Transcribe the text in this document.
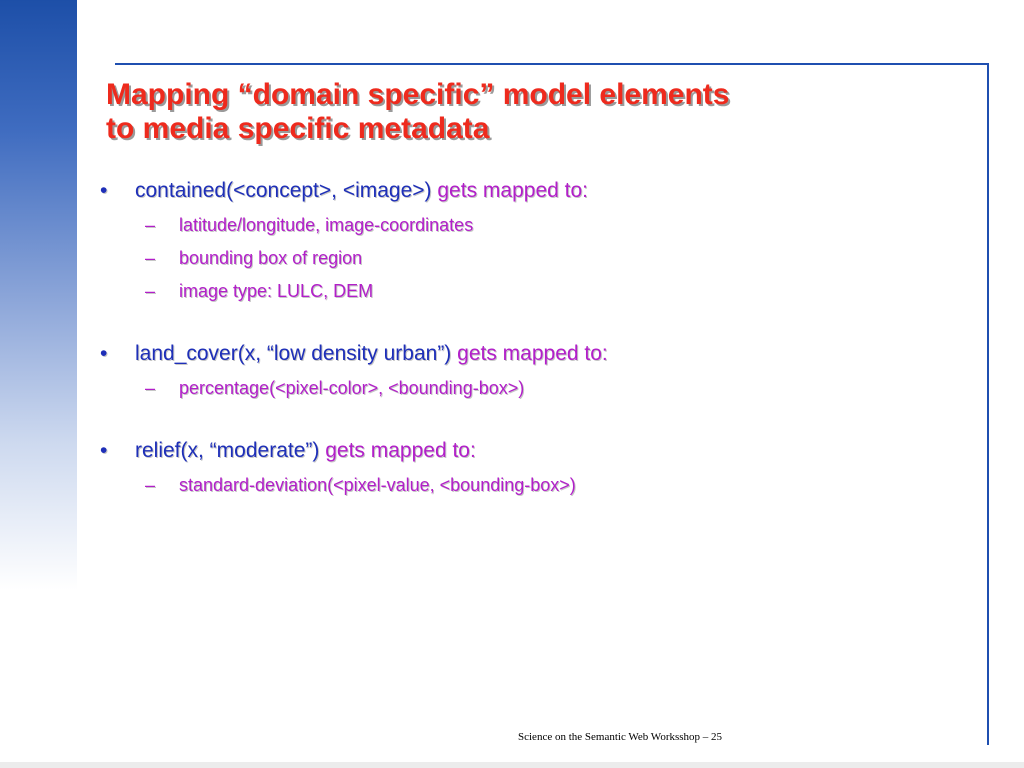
Mapping “domain specific” model elements
to media specific metadata
• contained(<concept>, <image>) gets mapped to:
– latitude/longitude, image-coordinates
– bounding box of region
– image type: LULC, DEM
• land_cover(x, “low density urban”) gets mapped to:
– percentage(<pixel-color>, <bounding-box>)
• relief(x, “moderate”) gets mapped to:
– standard-deviation(<pixel-value, <bounding-box>)
Science on the Semantic Web Worksshop – 25
